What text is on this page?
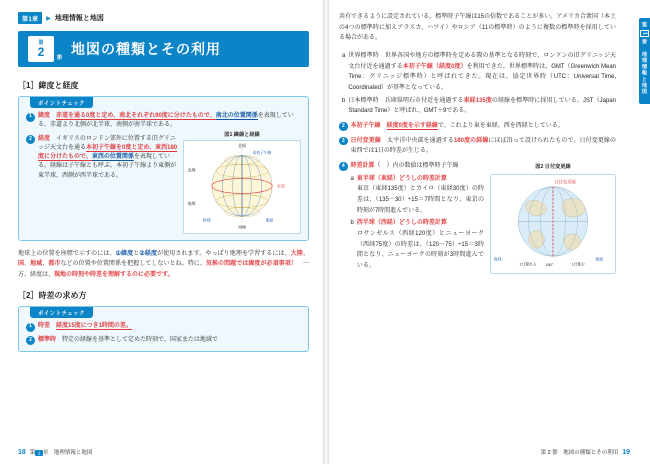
第1章	▶ 地理情報と地図
第
2	節
地図の種類とその利用
［1］緯度と経度
ポイントチェック
1	緯度　 赤道を通る0度と定め、南北それぞれ90度に分けたもので、南北の位置関係を表現している。赤道より北側が北半球、南側が南半球である。
2	経度　イギリスのロンドン郊外に位置する旧グリニッジ天文台を通る本初子午線を0度と定め、東西180度に分けたもので、東西の位置関係を表現している。経線は子午線とも呼ぶ。本初子午線より東側が東半球、西側が西半球である。
図1 緯線と経線
北極
南極
赤道
北緯
南緯
西経	東経
本初子午線
地球上の位置を座標で示すのには、①緯度と②経度が使用されます。やっぱり地理を学習するには、大陸、国、地域、都市などの位置や位置関係を把握してしないとね。特に、気候の問題では緯度が必須事項！　一方、経度は、現地の時刻や時差を理解するのに必要です。
［2］時差の求め方
ポイントチェック
1	時差　 経度15度につき1時間の差。
2	標準時　特定の経線を基準として定めた時刻で、国家または地域で
18 第 1 章　地理情報と地図
第
1
章　地理情報と地図

共有できるように設定されている。標準時子午線は15の倍数であることが多い。アメリカ合衆国（本土の4つの標準時に加えアラスカ、ハワイ）やロシア（11の標準時）のように複数の標準時を採用している場合がある。

a 世界標準時　世界各国や地方の標準時を定める際の基準となる時刻で、ロンドンの旧グリニッジ天文台付近を通過する本初子午線（経度0度）を利用できた。世界標準時は、GMT（Greenwich Mean Time：グリニッジ標準時）と呼ばれてきた。現在は、協定世界時（UTC：Universal Time, Coordinated）が基準となっている。
b 日本標準時　兵庫県明石市付近を通過する東経135度の経線を標準時に採用している。JST（Japan Standard Time）と呼ばれ、GMT＋9である。
2 本初子午線　 経度0度を示す経線で、これより東を東経、西を西経としている。
3 日付変更線　太平洋中央部を通過する180度の経線にほぼ沿って設けられたもので、日付変更線の東西では1日の時差が生じる。
4 時差計算（　）内の数値は標準時子午線	図2 日付変更線
日付変更線
西経	東経
1日遅れる	1日進む
180°
a 東半球（東経）どうしの時差計算
東京（東経135度）とカイロ（東経30度）の時差は、（135－30）÷15＝7時間となり、東京の時刻が7時間進んでいる。
b 西半球（西経）どうしの時差計算
ロサンゼルス（西経120度）とニューヨーク（西経75度）の時差は、（120－75）÷15＝3時間となり、ニューヨークの時刻が3時間進んでいる。
第 2 節　地図の種類とその利用 19
